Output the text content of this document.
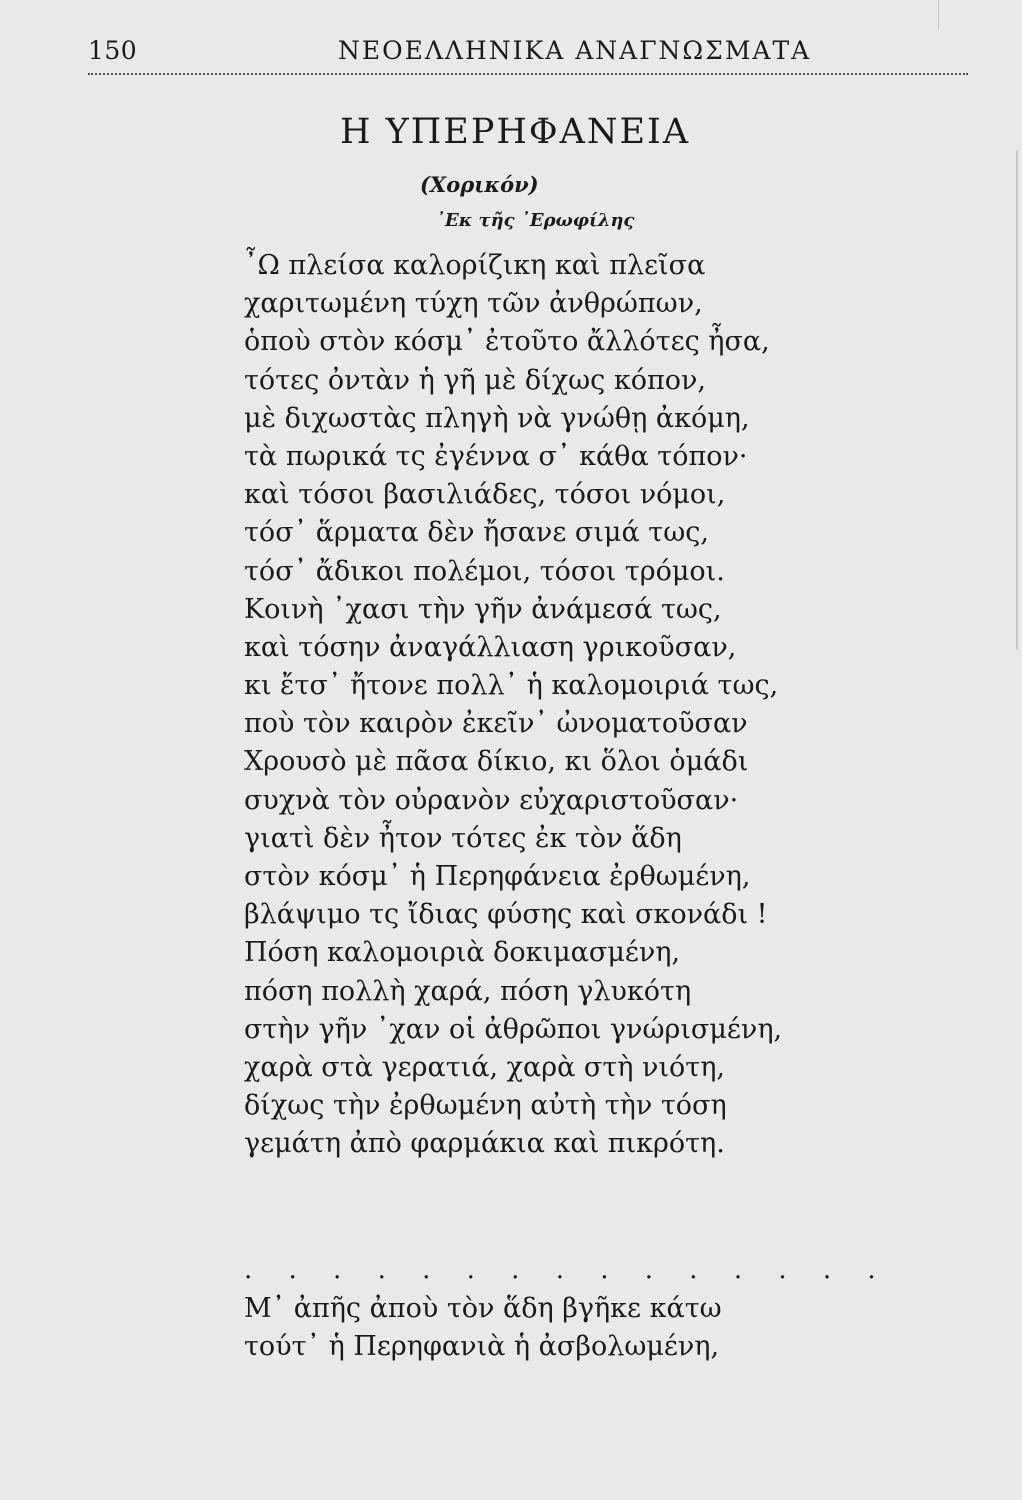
150	ΝΕΟΕΛΛΗΝΙΚΑ ΑΝΑΓΝΩΣΜΑΤΑ
Η ΥΠΕΡΗΦΑΝΕΙΑ
(Χορικόν)
᾿Εκ τῆς ᾿Ερωφίλης
῏Ω πλείσα καλορίζικη καὶ πλεῖσα
χαριτωμένη τύχη τῶν ἀνθρώπων,
ὁποὺ στὸν κόσμ᾿ ἐτοῦτο ἄλλότες ἦσα,
τότες ὀντὰν ἡ γῆ μὲ δίχως κόπον,
μὲ διχωστὰς πληγὴ νὰ γνώθῃ ἀκόμη,
τὰ πωρικά τς ἐγέννα σ᾿ κάθα τόπον·
καὶ τόσοι βασιλιάδες, τόσοι νόμοι,
τόσ᾿ ἅρματα δὲν ἤσανε σιμά τως,
τόσ᾿ ἄδικοι πολέμοι, τόσοι τρόμοι.
Κοινὴ ᾿χασι τὴν γῆν ἀνάμεσά τως,
καὶ τόσην ἀναγάλλιαση γρικοῦσαν,
κι ἔτσ᾿ ἤτονε πολλ᾿ ἡ καλομοιριά τως,
ποὺ τὸν καιρὸν ἐκεῖν᾿ ὠνοματοῦσαν
Χρουσὸ μὲ πᾶσα δίκιο, κι ὅλοι ὁμάδι
συχνὰ τὸν οὐρανὸν εὐχαριστοῦσαν·
γιατὶ δὲν ἦτον τότες ἐκ τὸν ἅδη
στὸν κόσμ᾿ ἡ Περηφάνεια ἐρθωμένη,
βλάψιμο τς ἴδιας φύσης καὶ σκονάδι !
Πόση καλομοιριὰ δοκιμασμένη,
πόση πολλὴ χαρά, πόση γλυκότη
στὴν γῆν ᾿χαν οἱ ἀθρῶποι γνώρισμένη,
χαρὰ στὰ γερατιά, χαρὰ στὴ νιότη,
δίχως τὴν ἐρθωμένη αὐτὴ τὴν τόση
γεμάτη ἀπὸ φαρμάκια καὶ πικρότη.
. . . . . . . . . . . . . . .
Μ᾿ ἀπῆς ἀποὺ τὸν ἅδη βγῆκε κάτω
τούτ᾿ ἡ Περηφανιὰ ἡ ἀσβολωμένη,
